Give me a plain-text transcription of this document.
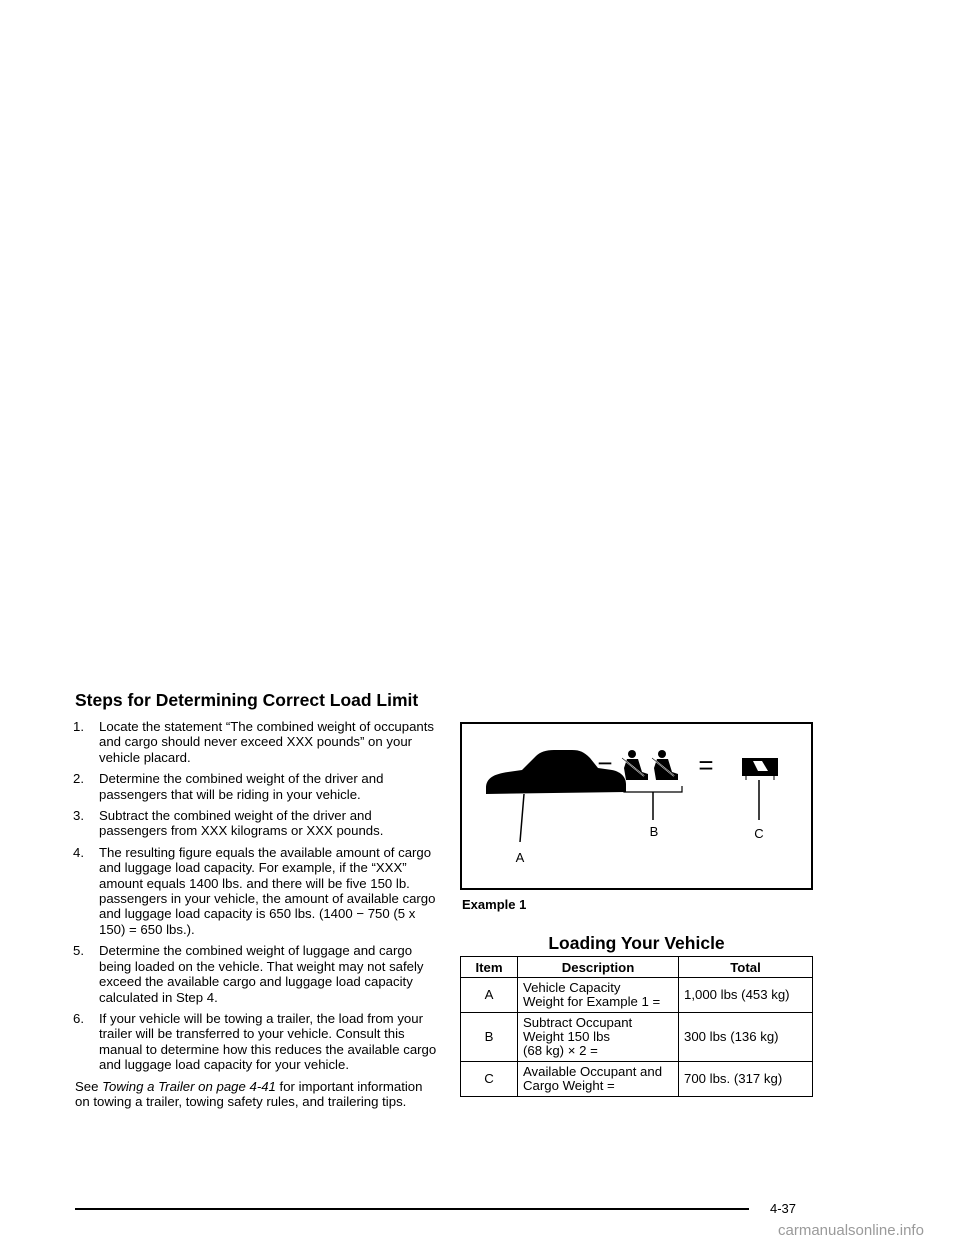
Steps for Determining Correct Load Limit
1. Locate the statement “The combined weight of occupants and cargo should never exceed XXX pounds” on your vehicle placard.
2. Determine the combined weight of the driver and passengers that will be riding in your vehicle.
3. Subtract the combined weight of the driver and passengers from XXX kilograms or XXX pounds.
4. The resulting figure equals the available amount of cargo and luggage load capacity. For example, if the “XXX” amount equals 1400 lbs. and there will be five 150 lb. passengers in your vehicle, the amount of available cargo and luggage load capacity is 650 lbs. (1400 − 750 (5 x 150) = 650 lbs.).
5. Determine the combined weight of luggage and cargo being loaded on the vehicle. That weight may not safely exceed the available cargo and luggage load capacity calculated in Step 4.
6. If your vehicle will be towing a trailer, the load from your trailer will be transferred to your vehicle. Consult this manual to determine how this reduces the available cargo and luggage load capacity for your vehicle.

See Towing a Trailer on page 4-41 for important information on towing a trailer, towing safety rules, and trailering tips.

A
−
B
=
C
Example 1
Loading Your Vehicle
Item	Description	Total
A	Vehicle Capacity
Weight for Example 1 =	1,000 lbs (453 kg)
B	Subtract Occupant
Weight 150 lbs
(68 kg) × 2 =	300 lbs (136 kg)
C	Available Occupant and
Cargo Weight =	700 lbs. (317 kg)
4-37
carmanualsonline.info
